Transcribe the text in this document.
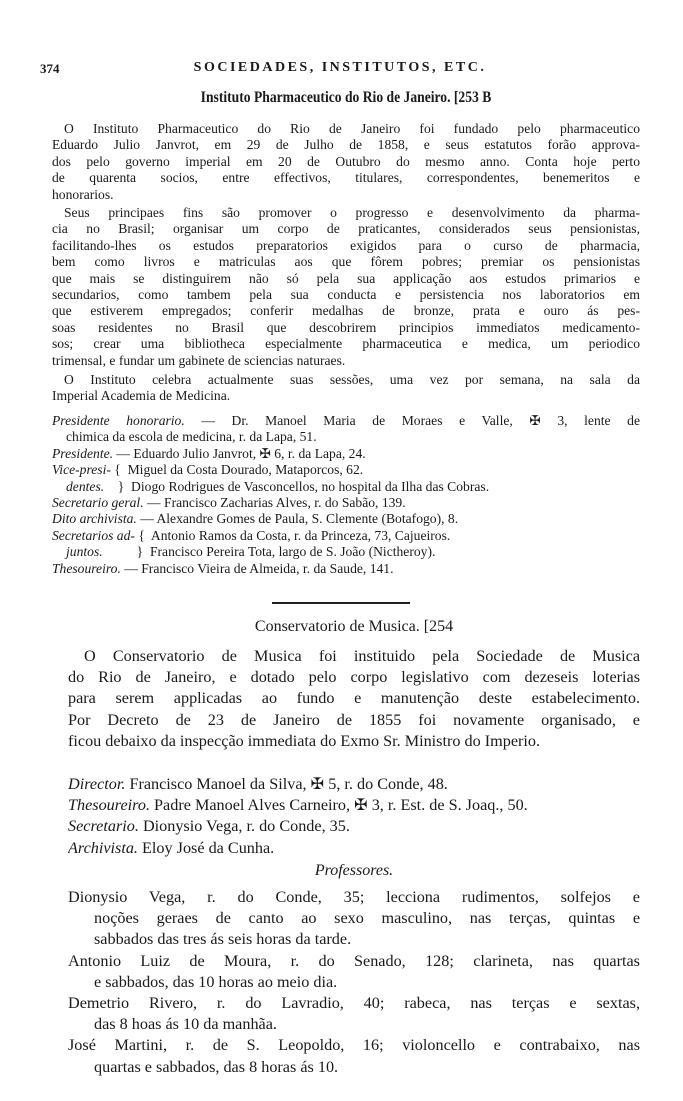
374	SOCIEDADES, INSTITUTOS, ETC.
Instituto Pharmaceutico do Rio de Janeiro. [253 B
O Instituto Pharmaceutico do Rio de Janeiro foi fundado pelo pharmaceutico
Eduardo Julio Janvrot, em 29 de Julho de 1858, e seus estatutos forão approva-
dos pelo governo imperial em 20 de Outubro do mesmo anno. Conta hoje perto
de quarenta socios, entre effectivos, titulares, correspondentes, benemeritos e
honorarios.
Seus principaes fins são promover o progresso e desenvolvimento da pharma-
cia no Brasil; organisar um corpo de praticantes, considerados seus pensionistas,
facilitando-lhes os estudos preparatorios exigidos para o curso de pharmacia,
bem como livros e matriculas aos que fôrem pobres; premiar os pensionistas
que mais se distinguirem não só pela sua applicação aos estudos primarios e
secundarios, como tambem pela sua conducta e persistencia nos laboratorios em
que estiverem empregados; conferir medalhas de bronze, prata e ouro ás pes-
soas residentes no Brasil que descobrirem principios immediatos medicamento-
sos; crear uma bibliotheca especialmente pharmaceutica e medica, um periodico
trimensal, e fundar um gabinete de sciencias naturaes.
O Instituto celebra actualmente suas sessões, uma vez por semana, na sala da
Imperial Academia de Medicina.
Presidente honorario. — Dr. Manoel Maria de Moraes e Valle, ✠ 3, lente de
chimica da escola de medicina, r. da Lapa, 51.
Presidente. — Eduardo Julio Janvrot, ✠ 6, r. da Lapa, 24.
Vice-presi- {  Miguel da Costa Dourado, Mataporcos, 62.
dentes.    }  Diogo Rodrigues de Vasconcellos, no hospital da Ilha das Cobras.
Secretario geral. — Francisco Zacharias Alves, r. do Sabão, 139.
Dito archivista. — Alexandre Gomes de Paula, S. Clemente (Botafogo), 8.
Secretarios ad- {  Antonio Ramos da Costa, r. da Princeza, 73, Cajueiros.
juntos.          }  Francisco Pereira Tota, largo de S. João (Nictheroy).
Thesoureiro. — Francisco Vieira de Almeida, r. da Saude, 141.
Conservatorio de Musica. [254
O Conservatorio de Musica foi instituido pela Sociedade de Musica
do Rio de Janeiro, e dotado pelo corpo legislativo com dezeseis loterias
para serem applicadas ao fundo e manutenção deste estabelecimento.
Por Decreto de 23 de Janeiro de 1855 foi novamente organisado, e
ficou debaixo da inspecção immediata do Exmo Sr. Ministro do Imperio.
Director. Francisco Manoel da Silva, ✠ 5, r. do Conde, 48.
Thesoureiro. Padre Manoel Alves Carneiro, ✠ 3, r. Est. de S. Joaq., 50.
Secretario. Dionysio Vega, r. do Conde, 35.
Archivista. Eloy José da Cunha.
Professores.
Dionysio Vega, r. do Conde, 35; lecciona rudimentos, solfejos e
noções geraes de canto ao sexo masculino, nas terças, quintas e
sabbados das tres ás seis horas da tarde.
Antonio Luiz de Moura, r. do Senado, 128; clarineta, nas quartas
e sabbados, das 10 horas ao meio dia.
Demetrio Rivero, r. do Lavradio, 40; rabeca, nas terças e sextas,
das 8 hoas ás 10 da manhãa.
José Martini, r. de S. Leopoldo, 16; violoncello e contrabaixo, nas
quartas e sabbados, das 8 horas ás 10.
